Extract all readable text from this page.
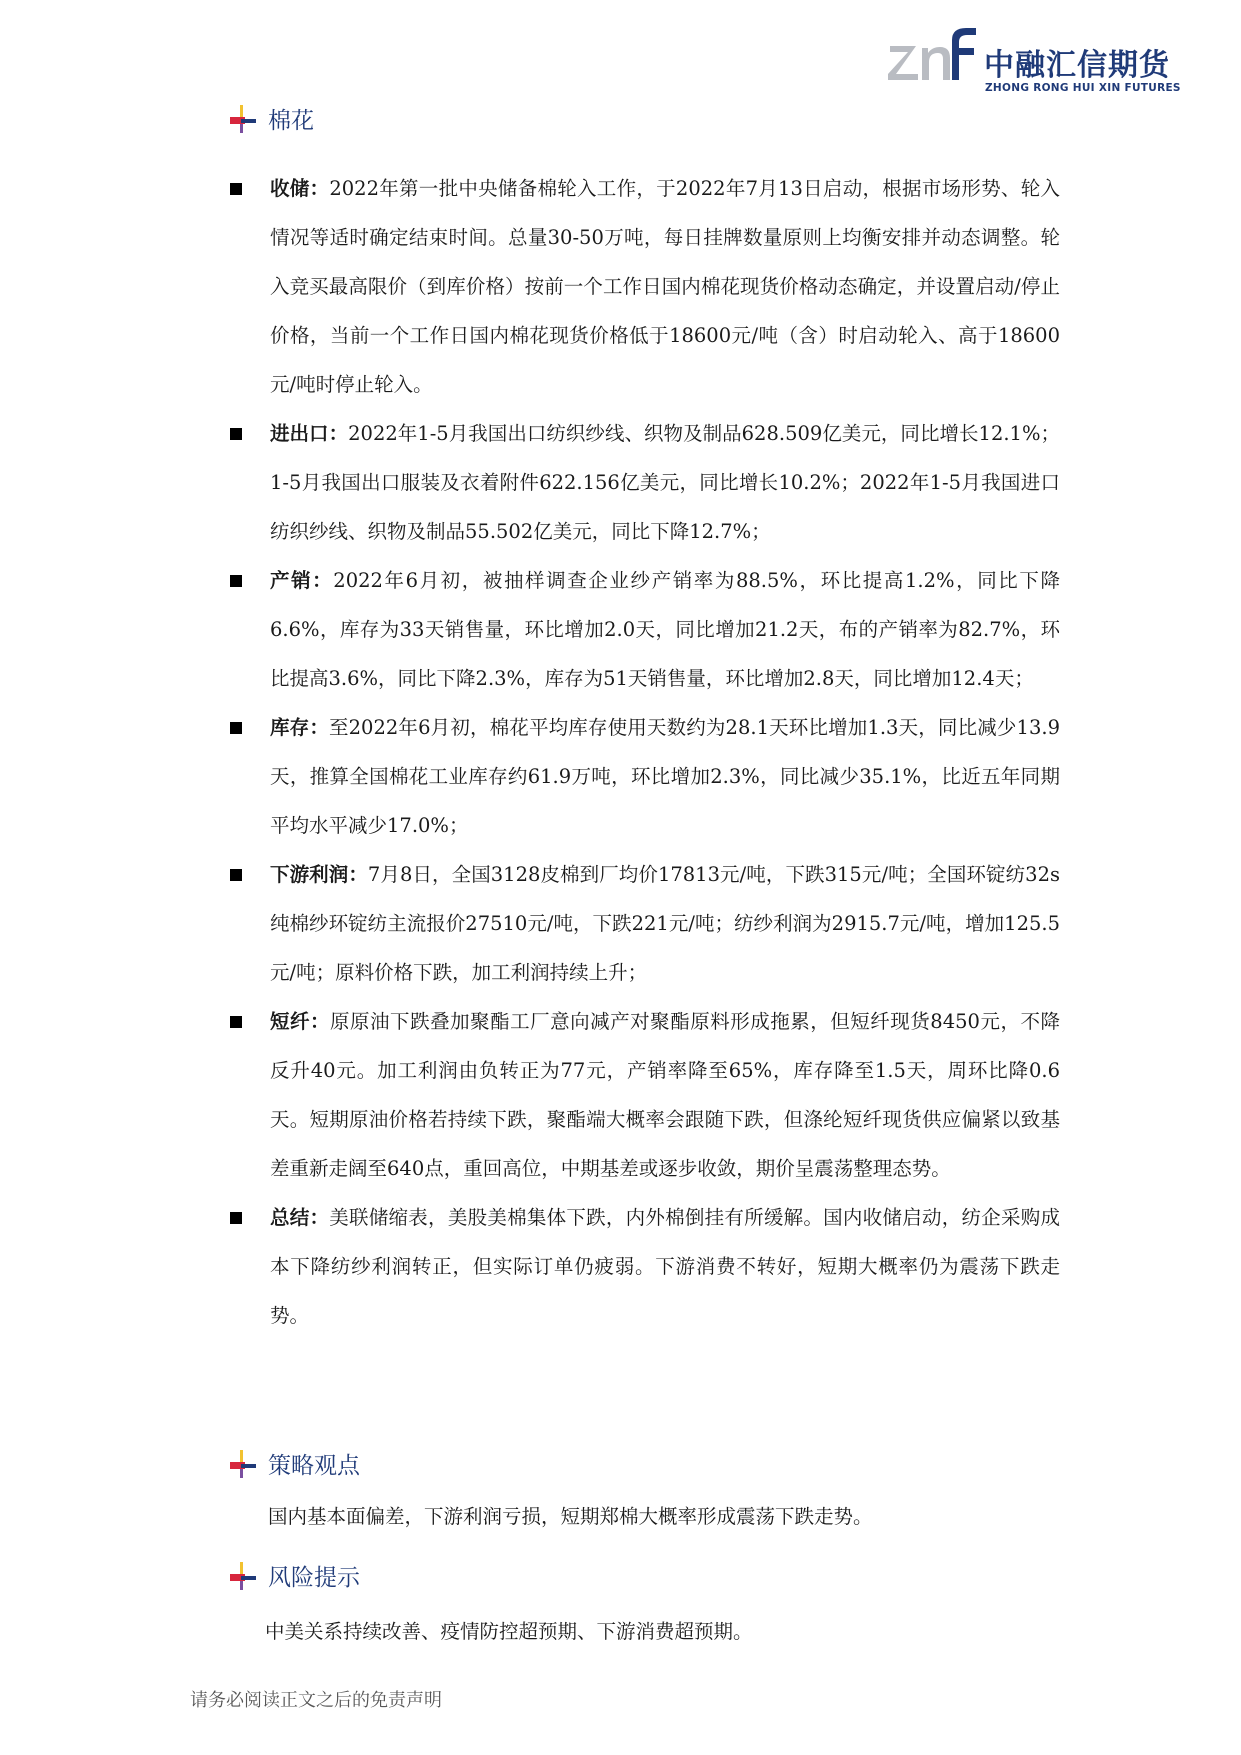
中融汇信期货
ZHONG RONG HUI XIN FUTURES
棉花
收储：2022年第一批中央储备棉轮入工作，于2022年7月13日启动，根据市场形势、轮入情况等适时确定结束时间。总量30-50万吨，每日挂牌数量原则上均衡安排并动态调整。轮入竞买最高限价（到库价格）按前一个工作日国内棉花现货价格动态确定，并设置启动/停止价格，当前一个工作日国内棉花现货价格低于18600元/吨（含）时启动轮入、高于18600元/吨时停止轮入。
进出口：2022年1-5月我国出口纺织纱线、织物及制品628.509亿美元，同比增长12.1%；1-5月我国出口服装及衣着附件622.156亿美元，同比增长10.2%；2022年1-5月我国进口纺织纱线、织物及制品55.502亿美元，同比下降12.7%；
产销：2022年6月初，被抽样调查企业纱产销率为88.5%，环比提高1.2%，同比下降6.6%，库存为33天销售量，环比增加2.0天，同比增加21.2天，布的产销率为82.7%，环比提高3.6%，同比下降2.3%，库存为51天销售量，环比增加2.8天，同比增加12.4天；
库存：至2022年6月初，棉花平均库存使用天数约为28.1天环比增加1.3天，同比减少13.9天，推算全国棉花工业库存约61.9万吨，环比增加2.3%，同比减少35.1%，比近五年同期平均水平减少17.0%；
下游利润：7月8日，全国3128皮棉到厂均价17813元/吨，下跌315元/吨；全国环锭纺32s纯棉纱环锭纺主流报价27510元/吨，下跌221元/吨；纺纱利润为2915.7元/吨，增加125.5元/吨；原料价格下跌，加工利润持续上升；
短纤：原原油下跌叠加聚酯工厂意向减产对聚酯原料形成拖累，但短纤现货8450元，不降反升40元。加工利润由负转正为77元，产销率降至65%，库存降至1.5天，周环比降0.6天。短期原油价格若持续下跌，聚酯端大概率会跟随下跌，但涤纶短纤现货供应偏紧以致基差重新走阔至640点，重回高位，中期基差或逐步收敛，期价呈震荡整理态势。
总结：美联储缩表，美股美棉集体下跌，内外棉倒挂有所缓解。国内收储启动，纺企采购成本下降纺纱利润转正，但实际订单仍疲弱。下游消费不转好，短期大概率仍为震荡下跌走势。
策略观点
国内基本面偏差，下游利润亏损，短期郑棉大概率形成震荡下跌走势。
风险提示
中美关系持续改善、疫情防控超预期、下游消费超预期。
请务必阅读正文之后的免责声明
